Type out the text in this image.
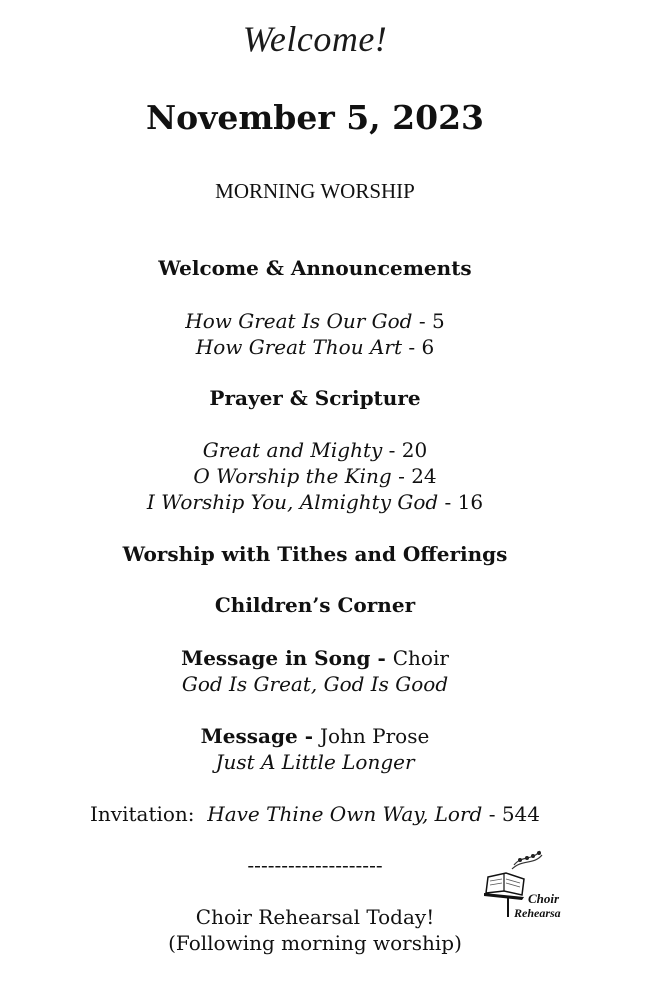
Welcome!
November 5, 2023
MORNING WORSHIP
Welcome & Announcements
How Great Is Our God - 5
How Great Thou Art - 6
Prayer & Scripture
Great and Mighty - 20
O Worship the King - 24
I Worship You, Almighty God - 16
Worship with Tithes and Offerings
Children’s Corner
Message in Song - Choir
God Is Great, God Is Good
Message - John Prose
Just A Little Longer
Invitation:  Have Thine Own Way, Lord - 544
--------------------
Choir Rehearsal Today!
(Following morning worship)
Choir
Rehearsa
